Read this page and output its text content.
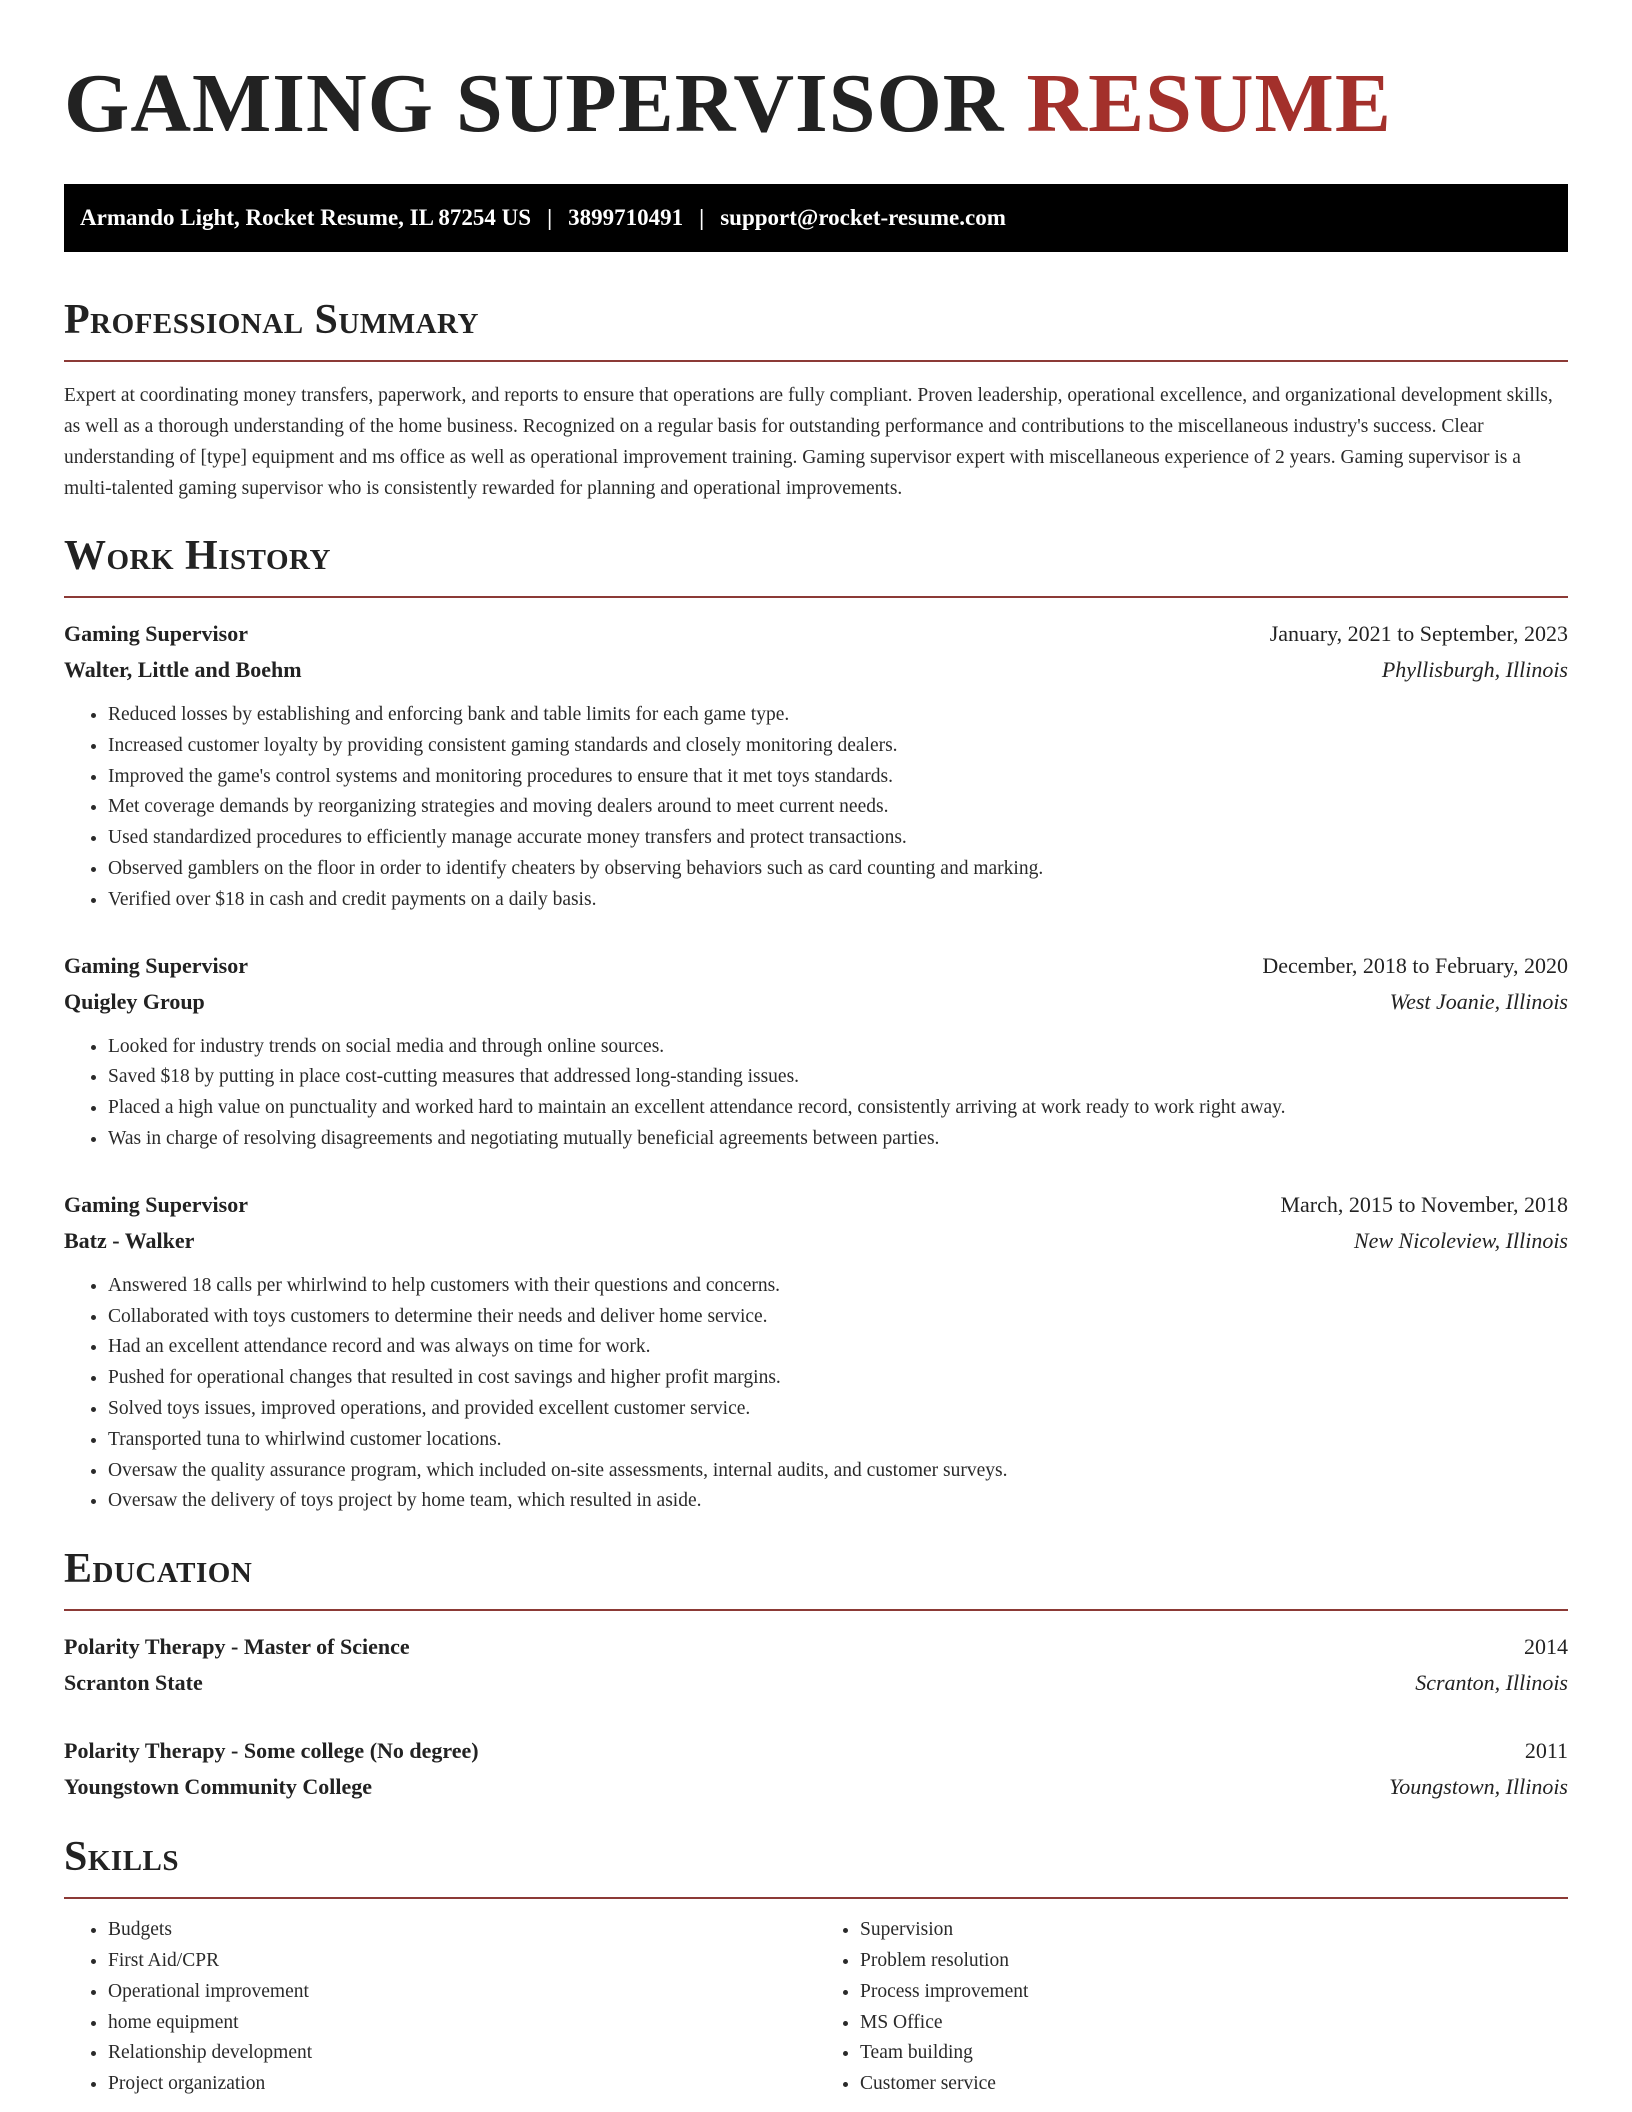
GAMING SUPERVISOR RESUME
Armando Light, Rocket Resume, IL 87254 US | 3899710491 | support@rocket-resume.com
Professional Summary

Expert at coordinating money transfers, paperwork, and reports to ensure that operations are fully compliant. Proven leadership, operational excellence, and organizational development skills, as well as a thorough understanding of the home business. Recognized on a regular basis for outstanding performance and contributions to the miscellaneous industry's success. Clear understanding of [type] equipment and ms office as well as operational improvement training. Gaming supervisor expert with miscellaneous experience of 2 years. Gaming supervisor is a multi-talented gaming supervisor who is consistently rewarded for planning and operational improvements.

Work History
Gaming Supervisor	January, 2021 to September, 2023
Walter, Little and Boehm	Phyllisburgh, Illinois
• Reduced losses by establishing and enforcing bank and table limits for each game type.
• Increased customer loyalty by providing consistent gaming standards and closely monitoring dealers.
• Improved the game's control systems and monitoring procedures to ensure that it met toys standards.
• Met coverage demands by reorganizing strategies and moving dealers around to meet current needs.
• Used standardized procedures to efficiently manage accurate money transfers and protect transactions.
• Observed gamblers on the floor in order to identify cheaters by observing behaviors such as card counting and marking.
• Verified over $18 in cash and credit payments on a daily basis.
Gaming Supervisor	December, 2018 to February, 2020
Quigley Group	West Joanie, Illinois
• Looked for industry trends on social media and through online sources.
• Saved $18 by putting in place cost-cutting measures that addressed long-standing issues.
• Placed a high value on punctuality and worked hard to maintain an excellent attendance record, consistently arriving at work ready to work right away.
• Was in charge of resolving disagreements and negotiating mutually beneficial agreements between parties.
Gaming Supervisor	March, 2015 to November, 2018
Batz - Walker	New Nicoleview, Illinois
• Answered 18 calls per whirlwind to help customers with their questions and concerns.
• Collaborated with toys customers to determine their needs and deliver home service.
• Had an excellent attendance record and was always on time for work.
• Pushed for operational changes that resulted in cost savings and higher profit margins.
• Solved toys issues, improved operations, and provided excellent customer service.
• Transported tuna to whirlwind customer locations.
• Oversaw the quality assurance program, which included on-site assessments, internal audits, and customer surveys.
• Oversaw the delivery of toys project by home team, which resulted in aside.
Education
Polarity Therapy - Master of Science	2014
Scranton State	Scranton, Illinois
Polarity Therapy - Some college (No degree)	2011
Youngstown Community College	Youngstown, Illinois
Skills
• Budgets
• First Aid/CPR
• Operational improvement
• home equipment
• Relationship development
• Project organization
• Supervision
• Problem resolution
• Process improvement
• MS Office
• Team building
• Customer service
